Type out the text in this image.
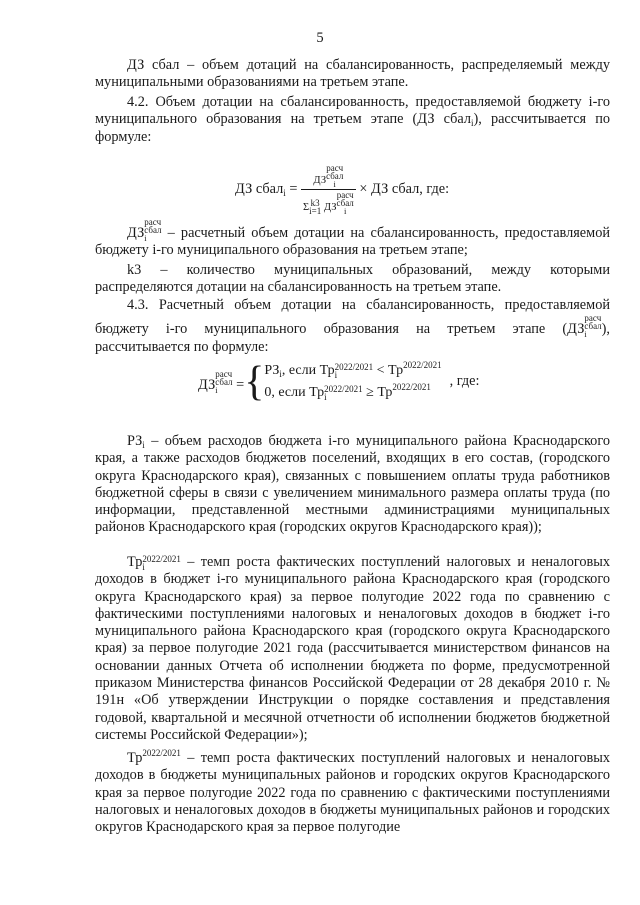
5
ДЗ сбал – объем дотаций на сбалансированность, распределяемый между муниципальными образованиями на третьем этапе.
4.2. Объем дотации на сбалансированность, предоставляемой бюджету i-го муниципального образования на третьем этапе (ДЗ сбал$_i$), рассчитывается по формуле:
ДЗ сбал$_i$ = ДЗ
расч
сбал
i
Σ k3
i=1 ДЗ
расч
сбал
i × ДЗ сбал, где:
ДЗ
расч
сбал
i	– расчетный объем дотации на сбалансированность, предоставляемой бюджету i-го муниципального образования на третьем этапе;
k3 – количество муниципальных образований, между которыми распределяются дотации на сбалансированность на третьем этапе.
4.3. Расчетный объем дотации на сбалансированность, предоставляемой бюджету i-го муниципального образования на третьем этапе (ДЗ
расч
сбал
i	), рассчитывается по формуле:
ДЗ
расч
сбал
i	={ $РЗ_i$, если Тр 2022/2021
i	< $Тр^{2022/2021}$
0, если Тр 2022/2021
i	≥ $Тр^{2022/2021}$	, где:
$РЗ_i$ – объем расходов бюджета i-го муниципального района Краснодарского края, а также расходов бюджетов поселений, входящих в его состав, (городского округа Краснодарского края), связанных с повышением оплаты труда работников бюджетной сферы в связи с увеличением минимального размера оплаты труда (по информации, представленной местными администрациями муниципальных районов Краснодарского края (городских округов Краснодарского края));
Тр 2022/2021
i	– темп роста фактических поступлений налоговых и неналоговых доходов в бюджет i-го муниципального района Краснодарского края (городского округа Краснодарского края) за первое полугодие 2022 года по сравнению с фактическими поступлениями налоговых и неналоговых доходов в бюджет i-го муниципального района Краснодарского края (городского округа Краснодарского края) за первое полугодие 2021 года (рассчитывается министерством финансов на основании данных Отчета об исполнении бюджета по форме, предусмотренной приказом Министерства финансов Российской Федерации от 28 декабря 2010 г. № 191н «Об утверждении Инструкции о порядке составления и представления годовой, квартальной и месячной отчетности об исполнении бюджетов бюджетной системы Российской Федерации»);
$Тр^{2022/2021}$ – темп роста фактических поступлений налоговых и неналоговых доходов в бюджеты муниципальных районов и городских округов Краснодарского края за первое полугодие 2022 года по сравнению с фактическими поступлениями налоговых и неналоговых доходов в бюджеты муниципальных районов и городских округов Краснодарского края за первое полугодие
